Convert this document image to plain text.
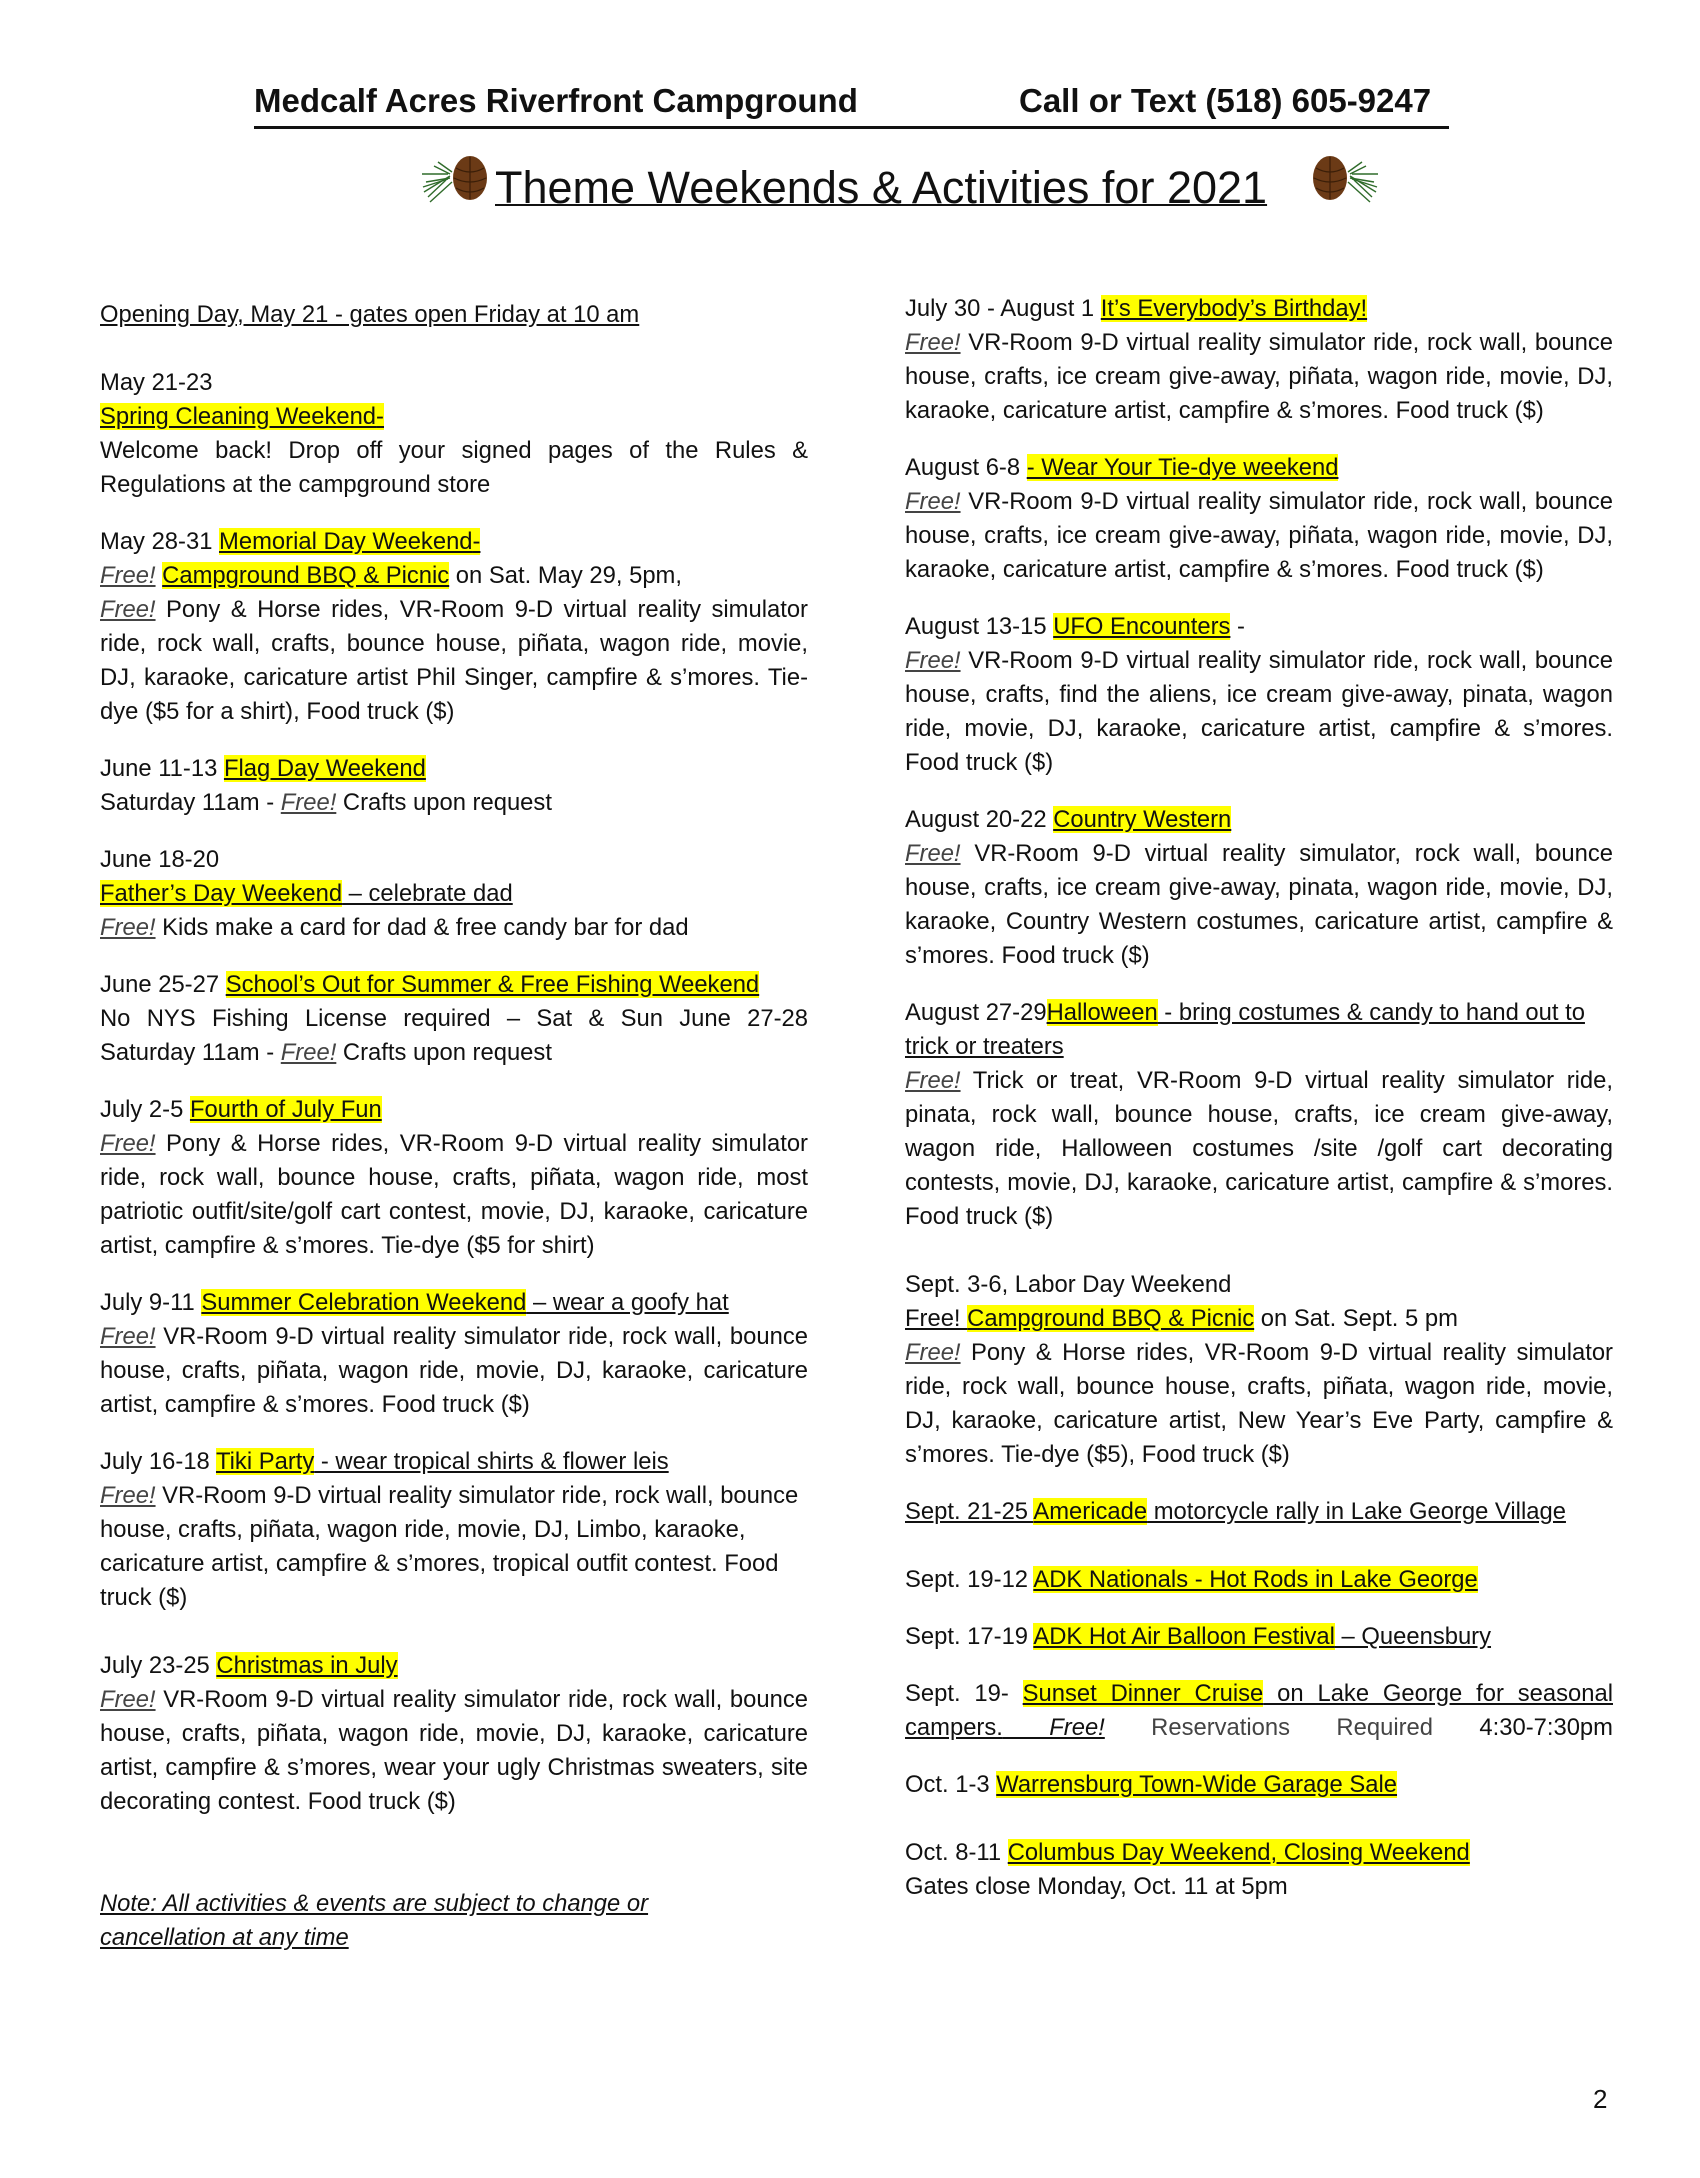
Medcalf Acres Riverfront Campground	Call or Text (518) 605-9247
Theme Weekends & Activities for 2021
Opening Day, May 21 - gates open Friday at 10 am
May 21-23
Spring Cleaning Weekend-
Welcome back! Drop off your signed pages of the Rules & Regulations at the campground store
May 28-31 Memorial Day Weekend-
Free! Campground BBQ & Picnic on Sat. May 29, 5pm,
Free! Pony & Horse rides, VR-Room 9-D virtual reality simulator ride, rock wall, crafts, bounce house, piñata, wagon ride, movie, DJ, karaoke, caricature artist Phil Singer, campfire & s’mores. Tie-dye ($5 for a shirt), Food truck ($)
June 11-13 Flag Day Weekend
Saturday 11am - Free! Crafts upon request
June 18-20
Father’s Day Weekend – celebrate dad
Free! Kids make a card for dad & free candy bar for dad
June 25-27 School’s Out for Summer & Free Fishing Weekend
No NYS Fishing License required – Sat & Sun June 27-28
Saturday 11am - Free! Crafts upon request
July 2-5 Fourth of July Fun
Free! Pony & Horse rides, VR-Room 9-D virtual reality simulator ride, rock wall, bounce house, crafts, piñata, wagon ride, most patriotic outfit/site/golf cart contest, movie, DJ, karaoke, caricature artist, campfire & s’mores. Tie-dye ($5 for shirt)
July 9-11 Summer Celebration Weekend – wear a goofy hat
Free! VR-Room 9-D virtual reality simulator ride, rock wall, bounce house, crafts, piñata, wagon ride, movie, DJ, karaoke, caricature artist, campfire & s’mores. Food truck ($)
July 16-18 Tiki Party - wear tropical shirts & flower leis
Free! VR-Room 9-D virtual reality simulator ride, rock wall, bounce house, crafts, piñata, wagon ride, movie, DJ, Limbo, karaoke, caricature artist, campfire & s’mores, tropical outfit contest. Food truck ($)
July 23-25 Christmas in July
Free! VR-Room 9-D virtual reality simulator ride, rock wall, bounce house, crafts, piñata, wagon ride, movie, DJ, karaoke, caricature artist, campfire & s’mores, wear your ugly Christmas sweaters, site decorating contest. Food truck ($)
Note: All activities & events are subject to change or cancellation at any time
July 30 - August 1 It’s Everybody’s Birthday!
Free! VR-Room 9-D virtual reality simulator ride, rock wall, bounce house, crafts, ice cream give-away, piñata, wagon ride, movie, DJ, karaoke, caricature artist, campfire & s’mores. Food truck ($)
August 6-8 - Wear Your Tie-dye weekend
Free! VR-Room 9-D virtual reality simulator ride, rock wall, bounce house, crafts, ice cream give-away, piñata, wagon ride, movie, DJ, karaoke, caricature artist, campfire & s’mores. Food truck ($)
August 13-15 UFO Encounters -
Free! VR-Room 9-D virtual reality simulator ride, rock wall, bounce house, crafts, find the aliens, ice cream give-away, pinata, wagon ride, movie, DJ, karaoke, caricature artist, campfire & s’mores. Food truck ($)
August 20-22 Country Western
Free! VR-Room 9-D virtual reality simulator, rock wall, bounce house, crafts, ice cream give-away, pinata, wagon ride, movie, DJ, karaoke, Country Western costumes, caricature artist, campfire & s’mores. Food truck ($)
August 27-29Halloween - bring costumes & candy to hand out to trick or treaters
Free! Trick or treat, VR-Room 9-D virtual reality simulator ride, pinata, rock wall, bounce house, crafts, ice cream give-away, wagon ride, Halloween costumes /site /golf cart decorating contests, movie, DJ, karaoke, caricature artist, campfire & s’mores. Food truck ($)
Sept. 3-6, Labor Day Weekend
Free! Campground BBQ & Picnic on Sat. Sept. 5 pm
Free! Pony & Horse rides, VR-Room 9-D virtual reality simulator ride, rock wall, bounce house, crafts, piñata, wagon ride, movie, DJ, karaoke, caricature artist, New Year’s Eve Party, campfire & s’mores. Tie-dye ($5), Food truck ($)
Sept. 21-25 Americade motorcycle rally in Lake George Village
Sept. 19-12 ADK Nationals - Hot Rods in Lake George
Sept. 17-19 ADK Hot Air Balloon Festival – Queensbury
Sept. 19- Sunset Dinner Cruise on Lake George for seasonal campers. Free! Reservations Required 4:30-7:30pm
Oct. 1-3 Warrensburg Town-Wide Garage Sale
Oct. 8-11 Columbus Day Weekend, Closing Weekend
Gates close Monday, Oct. 11 at 5pm
2
